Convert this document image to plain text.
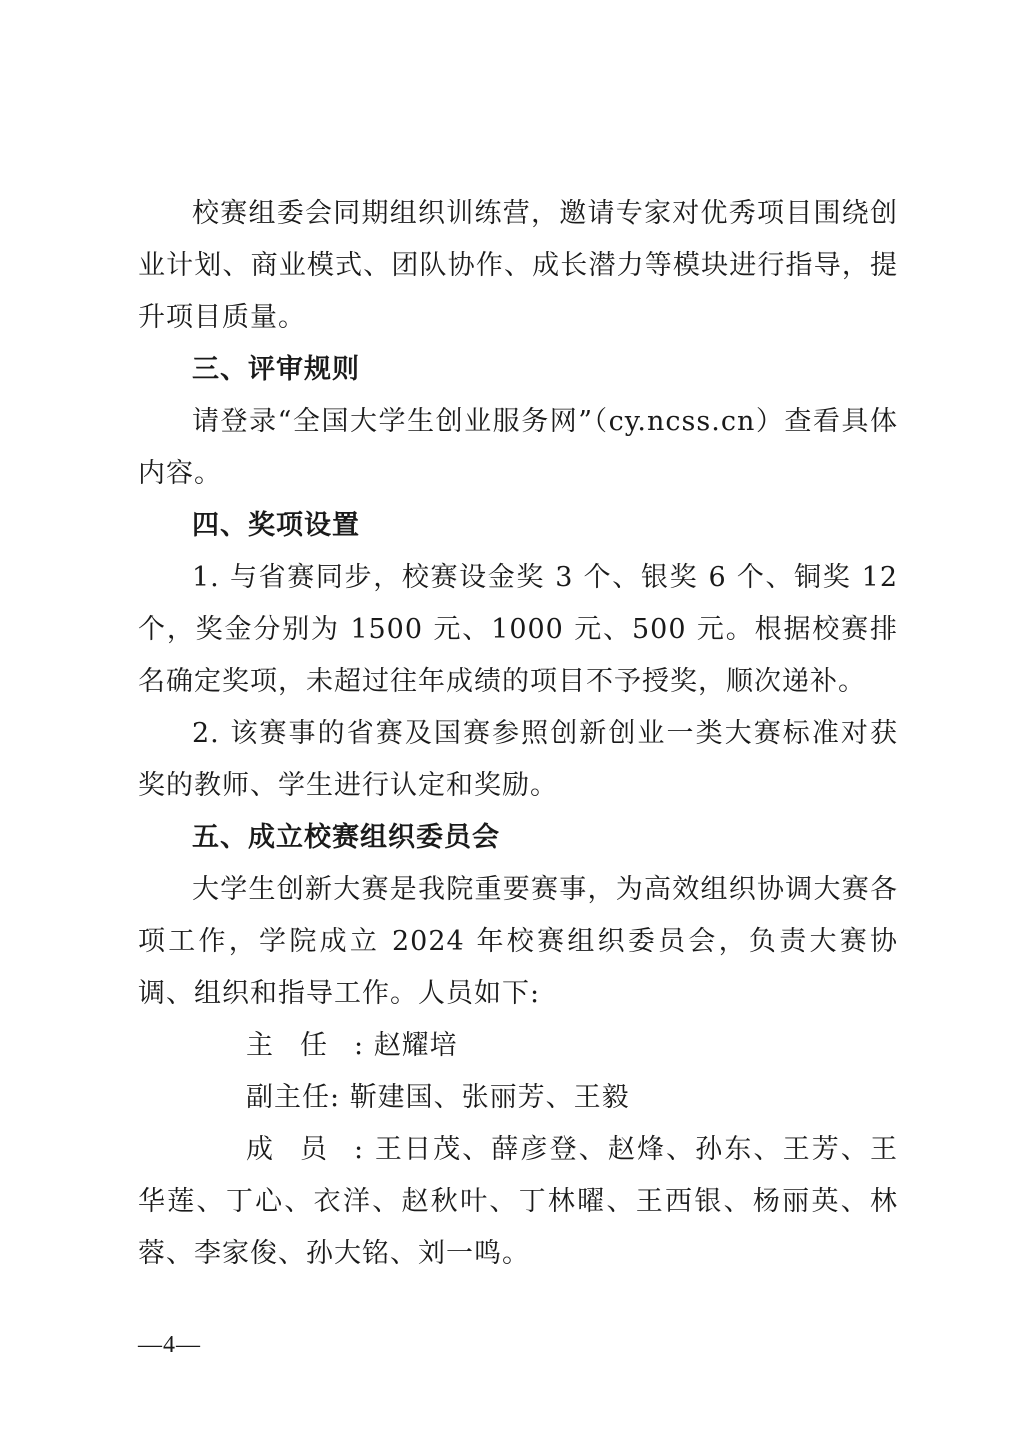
校赛组委会同期组织训练营，邀请专家对优秀项目围绕创业计划、商业模式、团队协作、成长潜力等模块进行指导，提升项目质量。

三、评审规则

请登录“全国大学生创业服务网”（cy.ncss.cn）查看具体内容。

四、奖项设置

1. 与省赛同步，校赛设金奖 3 个、银奖 6 个、铜奖 12 个，奖金分别为 1500 元、1000 元、500 元。根据校赛排名确定奖项，未超过往年成绩的项目不予授奖，顺次递补。

2. 该赛事的省赛及国赛参照创新创业一类大赛标准对获奖的教师、学生进行认定和奖励。

五、成立校赛组织委员会

大学生创新大赛是我院重要赛事，为高效组织协调大赛各项工作，学院成立 2024 年校赛组织委员会，负责大赛协调、组织和指导工作。人员如下:

主任: 赵耀培

副主任: 靳建国、张丽芳、王毅

成员: 王日茂、薛彦登、赵烽、孙东、王芳、王华莲、丁心、衣洋、赵秋叶、丁林曜、王西银、杨丽英、林蓉、李家俊、孙大铭、刘一鸣。

—4—
